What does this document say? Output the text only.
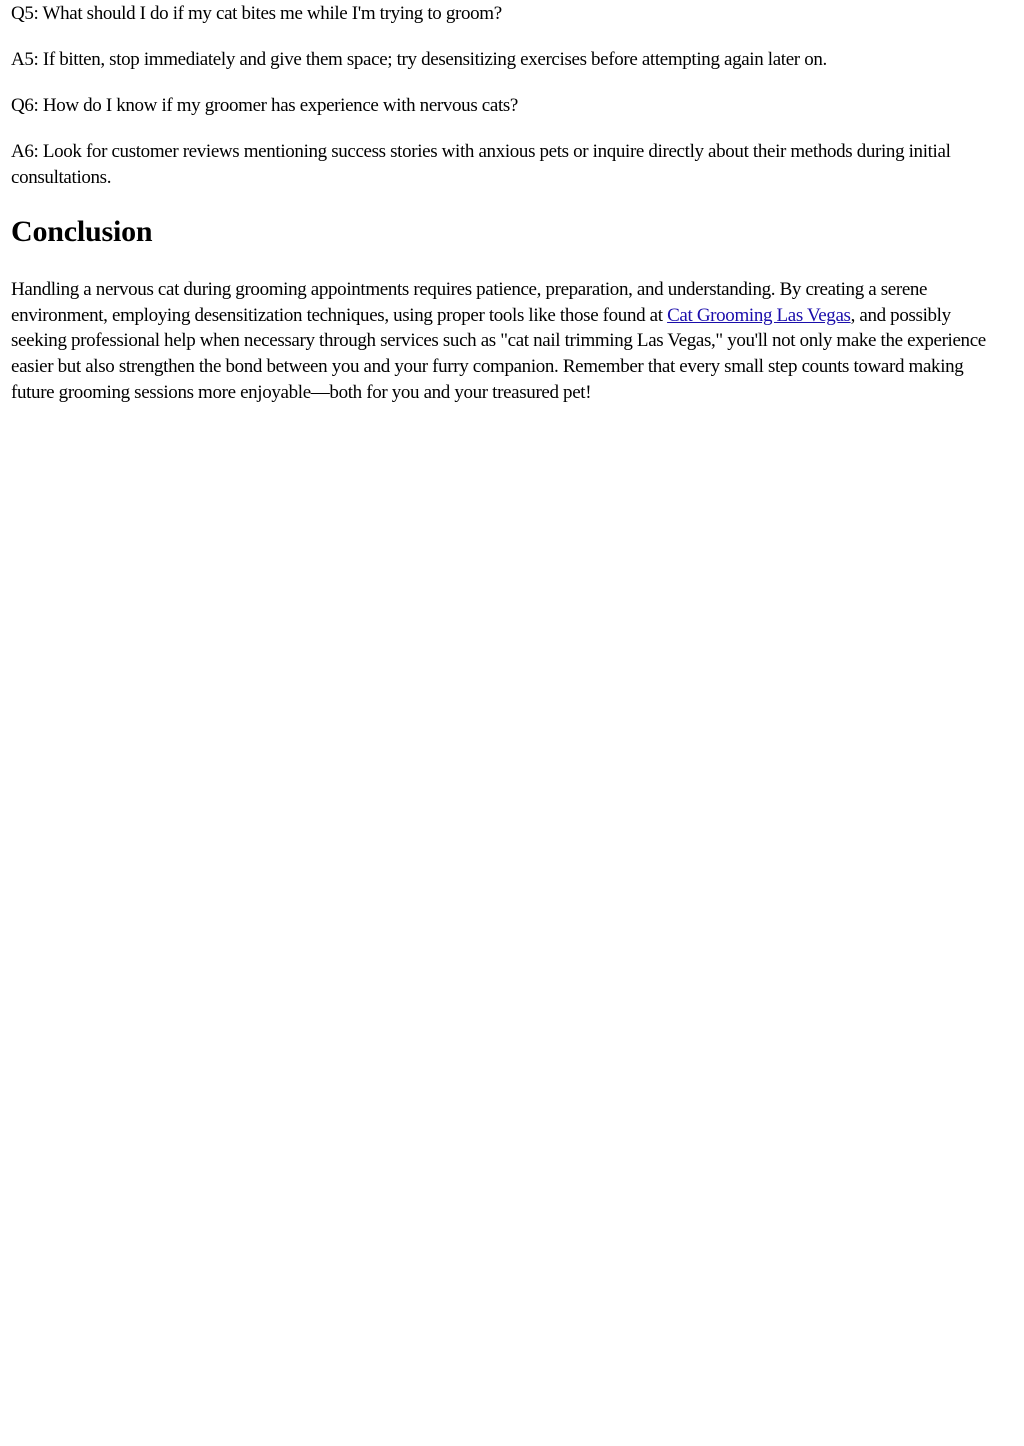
Q5: What should I do if my cat bites me while I'm trying to groom?

A5: If bitten, stop immediately and give them space; try desensitizing exercises before attempting again later on.

Q6: How do I know if my groomer has experience with nervous cats?

A6: Look for customer reviews mentioning success stories with anxious pets or inquire directly about their methods during initial consultations.

Conclusion

Handling a nervous cat during grooming appointments requires patience, preparation, and understanding. By creating a serene environment, employing desensitization techniques, using proper tools like those found at Cat Grooming Las Vegas, and possibly seeking professional help when necessary through services such as "cat nail trimming Las Vegas," you'll not only make the experience easier but also strengthen the bond between you and your furry companion. Remember that every small step counts toward making future grooming sessions more enjoyable—both for you and your treasured pet!
